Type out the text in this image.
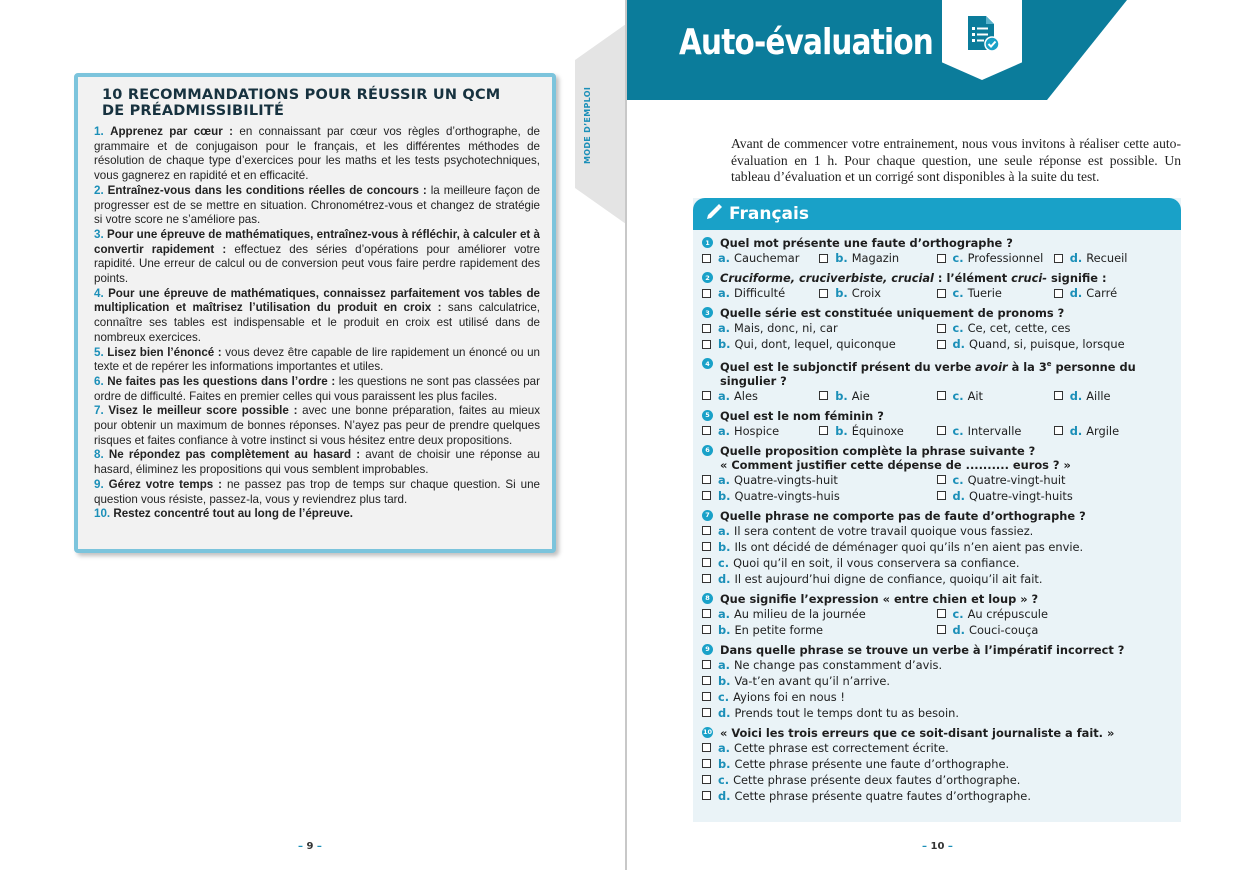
10 RECOMMANDATIONS POUR RÉUSSIR UN QCM
DE PRÉADMISSIBILITÉ
1. Apprenez par cœur : en connaissant par cœur vos règles d’orthographe, de grammaire et de conjugaison pour le français, et les différentes méthodes de résolution de chaque type d’exercices pour les maths et les tests psychotechniques, vous gagnerez en rapidité et en efficacité.
2. Entraînez-vous dans les conditions réelles de concours : la meilleure façon de progresser est de se mettre en situation. Chronométrez-vous et changez de stratégie si votre score ne s’améliore pas.
3. Pour une épreuve de mathématiques, entraînez-vous à réfléchir, à calculer et à convertir rapidement : effectuez des séries d’opérations pour améliorer votre rapidité. Une erreur de calcul ou de conversion peut vous faire perdre rapidement des points.
4. Pour une épreuve de mathématiques, connaissez parfaitement vos tables de multiplication et maîtrisez l’utilisation du produit en croix : sans calculatrice, connaître ses tables est indispensable et le produit en croix est utilisé dans de nombreux exercices.
5. Lisez bien l’énoncé : vous devez être capable de lire rapidement un énoncé ou un texte et de repérer les informations importantes et utiles.
6. Ne faites pas les questions dans l’ordre : les questions ne sont pas classées par ordre de difficulté. Faites en premier celles qui vous paraissent les plus faciles.
7. Visez le meilleur score possible : avec une bonne préparation, faites au mieux pour obtenir un maximum de bonnes réponses. N’ayez pas peur de prendre quelques risques et faites confiance à votre instinct si vous hésitez entre deux propositions.
8. Ne répondez pas complètement au hasard : avant de choisir une réponse au hasard, éliminez les propositions qui vous semblent improbables.
9. Gérez votre temps : ne passez pas trop de temps sur chaque question. Si une question vous résiste, passez-la, vous y reviendrez plus tard.
10. Restez concentré tout au long de l’épreuve.
– 9 –
MODE D’EMPLOI
Auto-évaluation
Avant de commencer votre entrainement, nous vous invitons à réaliser cette auto-évaluation en 1 h. Pour chaque question, une seule réponse est possible. Un tableau d’évaluation et un corrigé sont disponibles à la suite du test.
Français
1 Quel mot présente une faute d’orthographe ?
a. Cauchemar	b. Magazin	c. Professionnel d. Recueil
2 Cruciforme, cruciverbiste, crucial : l’élément cruci- signifie :
a. Difficulté	b. Croix	c. Tuerie	d. Carré
3 Quelle série est constituée uniquement de pronoms ?
a. Mais, donc, ni, car	c. Ce, cet, cette, ces
b. Qui, dont, lequel, quiconque	d. Quand, si, puisque, lorsque
4 Quel est le subjonctif présent du verbe avoir à la 3e personne du singulier ?
a. Ales	b. Aie	c. Ait	d. Aille
5 Quel est le nom féminin ?
a. Hospice	b. Équinoxe	c. Intervalle	d. Argile
6 Quelle proposition complète la phrase suivante ?
« Comment justifier cette dépense de .......... euros ? »
a. Quatre-vingts-huit	c. Quatre-vingt-huit
b. Quatre-vingts-huis	d. Quatre-vingt-huits
7 Quelle phrase ne comporte pas de faute d’orthographe ?
a. Il sera content de votre travail quoique vous fassiez.
b. Ils ont décidé de déménager quoi qu’ils n’en aient pas envie.
c. Quoi qu’il en soit, il vous conservera sa confiance.
d. Il est aujourd’hui digne de confiance, quoiqu’il ait fait.
8 Que signifie l’expression « entre chien et loup » ?
a. Au milieu de la journée	c. Au crépuscule
b. En petite forme	d. Couci-couça
9 Dans quelle phrase se trouve un verbe à l’impératif incorrect ?
a. Ne change pas constamment d’avis.
b. Va-t’en avant qu’il n’arrive.
c. Ayions foi en nous !
d. Prends tout le temps dont tu as besoin.
10 « Voici les trois erreurs que ce soit-disant journaliste a fait. »
a. Cette phrase est correctement écrite.
b. Cette phrase présente une faute d’orthographe.
c. Cette phrase présente deux fautes d’orthographe.
d. Cette phrase présente quatre fautes d’orthographe.
– 10 –
